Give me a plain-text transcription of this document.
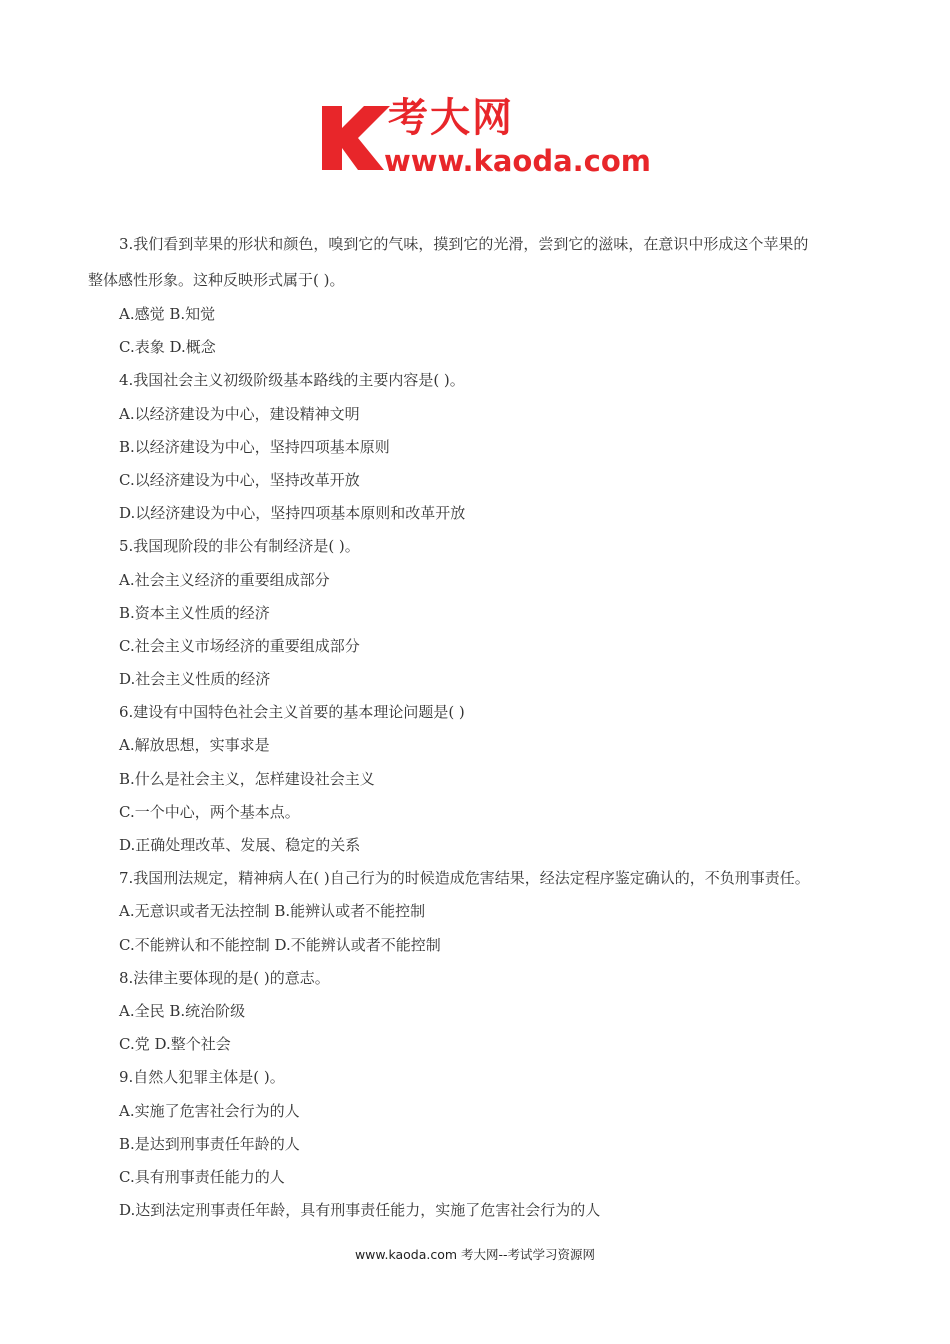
考大网
www.kaoda.com
3.我们看到苹果的形状和颜色，嗅到它的气味，摸到它的光滑，尝到它的滋味，在意识中形成这个苹果的
整体感性形象。这种反映形式属于( )。
A.感觉 B.知觉
C.表象 D.概念
4.我国社会主义初级阶级基本路线的主要内容是( )。
A.以经济建设为中心，建设精神文明
B.以经济建设为中心，坚持四项基本原则
C.以经济建设为中心，坚持改革开放
D.以经济建设为中心，坚持四项基本原则和改革开放
5.我国现阶段的非公有制经济是( )。
A.社会主义经济的重要组成部分
B.资本主义性质的经济
C.社会主义市场经济的重要组成部分
D.社会主义性质的经济
6.建设有中国特色社会主义首要的基本理论问题是( )
A.解放思想，实事求是
B.什么是社会主义，怎样建设社会主义
C.一个中心，两个基本点。
D.正确处理改革、发展、稳定的关系
7.我国刑法规定，精神病人在( )自己行为的时候造成危害结果，经法定程序鉴定确认的，不负刑事责任。
A.无意识或者无法控制 B.能辨认或者不能控制
C.不能辨认和不能控制 D.不能辨认或者不能控制
8.法律主要体现的是( )的意志。
A.全民 B.统治阶级
C.党 D.整个社会
9.自然人犯罪主体是( )。
A.实施了危害社会行为的人
B.是达到刑事责任年龄的人
C.具有刑事责任能力的人
D.达到法定刑事责任年龄，具有刑事责任能力，实施了危害社会行为的人
www.kaoda.com 考大网--考试学习资源网
